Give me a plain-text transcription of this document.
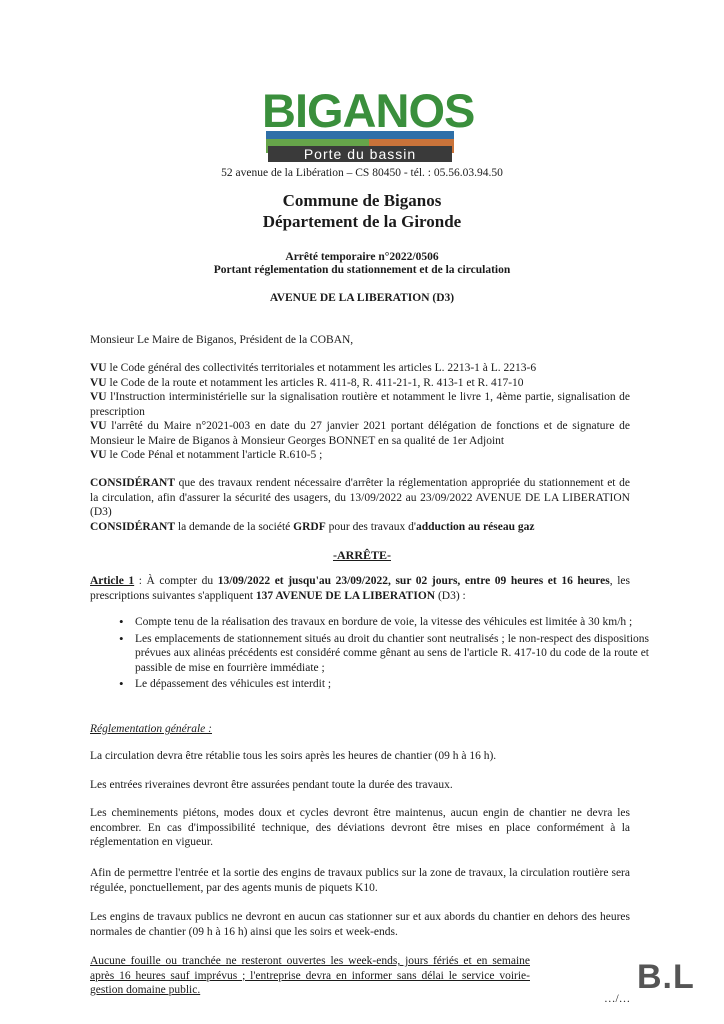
BIGANOS
Porte du bassin
52 avenue de la Libération – CS 80450 - tél. : 05.56.03.94.50
Commune de Biganos
Département de la Gironde
Arrêté temporaire n°2022/0506
Portant réglementation du stationnement et de la circulation
AVENUE DE LA LIBERATION (D3)
Monsieur Le Maire de Biganos, Président de la COBAN,
VU le Code général des collectivités territoriales et notamment les articles L. 2213-1 à L. 2213-6
VU le Code de la route et notamment les articles R. 411-8, R. 411-21-1, R. 413-1 et R. 417-10
VU l'Instruction interministérielle sur la signalisation routière et notamment le livre 1, 4ème partie, signalisation de prescription
VU l'arrêté du Maire n°2021-003 en date du 27 janvier 2021 portant délégation de fonctions et de signature de Monsieur le Maire de Biganos à Monsieur Georges BONNET en sa qualité de 1er Adjoint
VU le Code Pénal et notamment l'article R.610-5 ;
CONSIDÉRANT que des travaux rendent nécessaire d'arrêter la réglementation appropriée du stationnement et de la circulation, afin d'assurer la sécurité des usagers, du 13/09/2022 au 23/09/2022 AVENUE DE LA LIBERATION (D3)
CONSIDÉRANT la demande de la société GRDF pour des travaux d'adduction au réseau gaz
-ARRÊTE-
Article 1 : À compter du 13/09/2022 et jusqu'au 23/09/2022, sur 02 jours, entre 09 heures et 16 heures, les prescriptions suivantes s'appliquent 137 AVENUE DE LA LIBERATION (D3) :
• Compte tenu de la réalisation des travaux en bordure de voie, la vitesse des véhicules est limitée à 30 km/h ;
• Les emplacements de stationnement situés au droit du chantier sont neutralisés ; le non-respect des dispositions prévues aux alinéas précédents est considéré comme gênant au sens de l'article R. 417-10 du code de la route et passible de mise en fourrière immédiate ;
• Le dépassement des véhicules est interdit ;
Réglementation générale :
La circulation devra être rétablie tous les soirs après les heures de chantier (09 h à 16 h).
Les entrées riveraines devront être assurées pendant toute la durée des travaux.
Les cheminements piétons, modes doux et cycles devront être maintenus, aucun engin de chantier ne devra les encombrer. En cas d'impossibilité technique, des déviations devront être mises en place conformément à la réglementation en vigueur.
Afin de permettre l'entrée et la sortie des engins de travaux publics sur la zone de travaux, la circulation routière sera régulée, ponctuellement, par des agents munis de piquets K10.
Les engins de travaux publics ne devront en aucun cas stationner sur et aux abords du chantier en dehors des heures normales de chantier (09 h à 16 h) ainsi que les soirs et week-ends.
Aucune fouille ou tranchée ne resteront ouvertes les week-ends, jours fériés et en semaine après 16 heures sauf imprévus ; l'entreprise devra en informer sans délai le service voirie-gestion domaine public.	B.L
…/…
